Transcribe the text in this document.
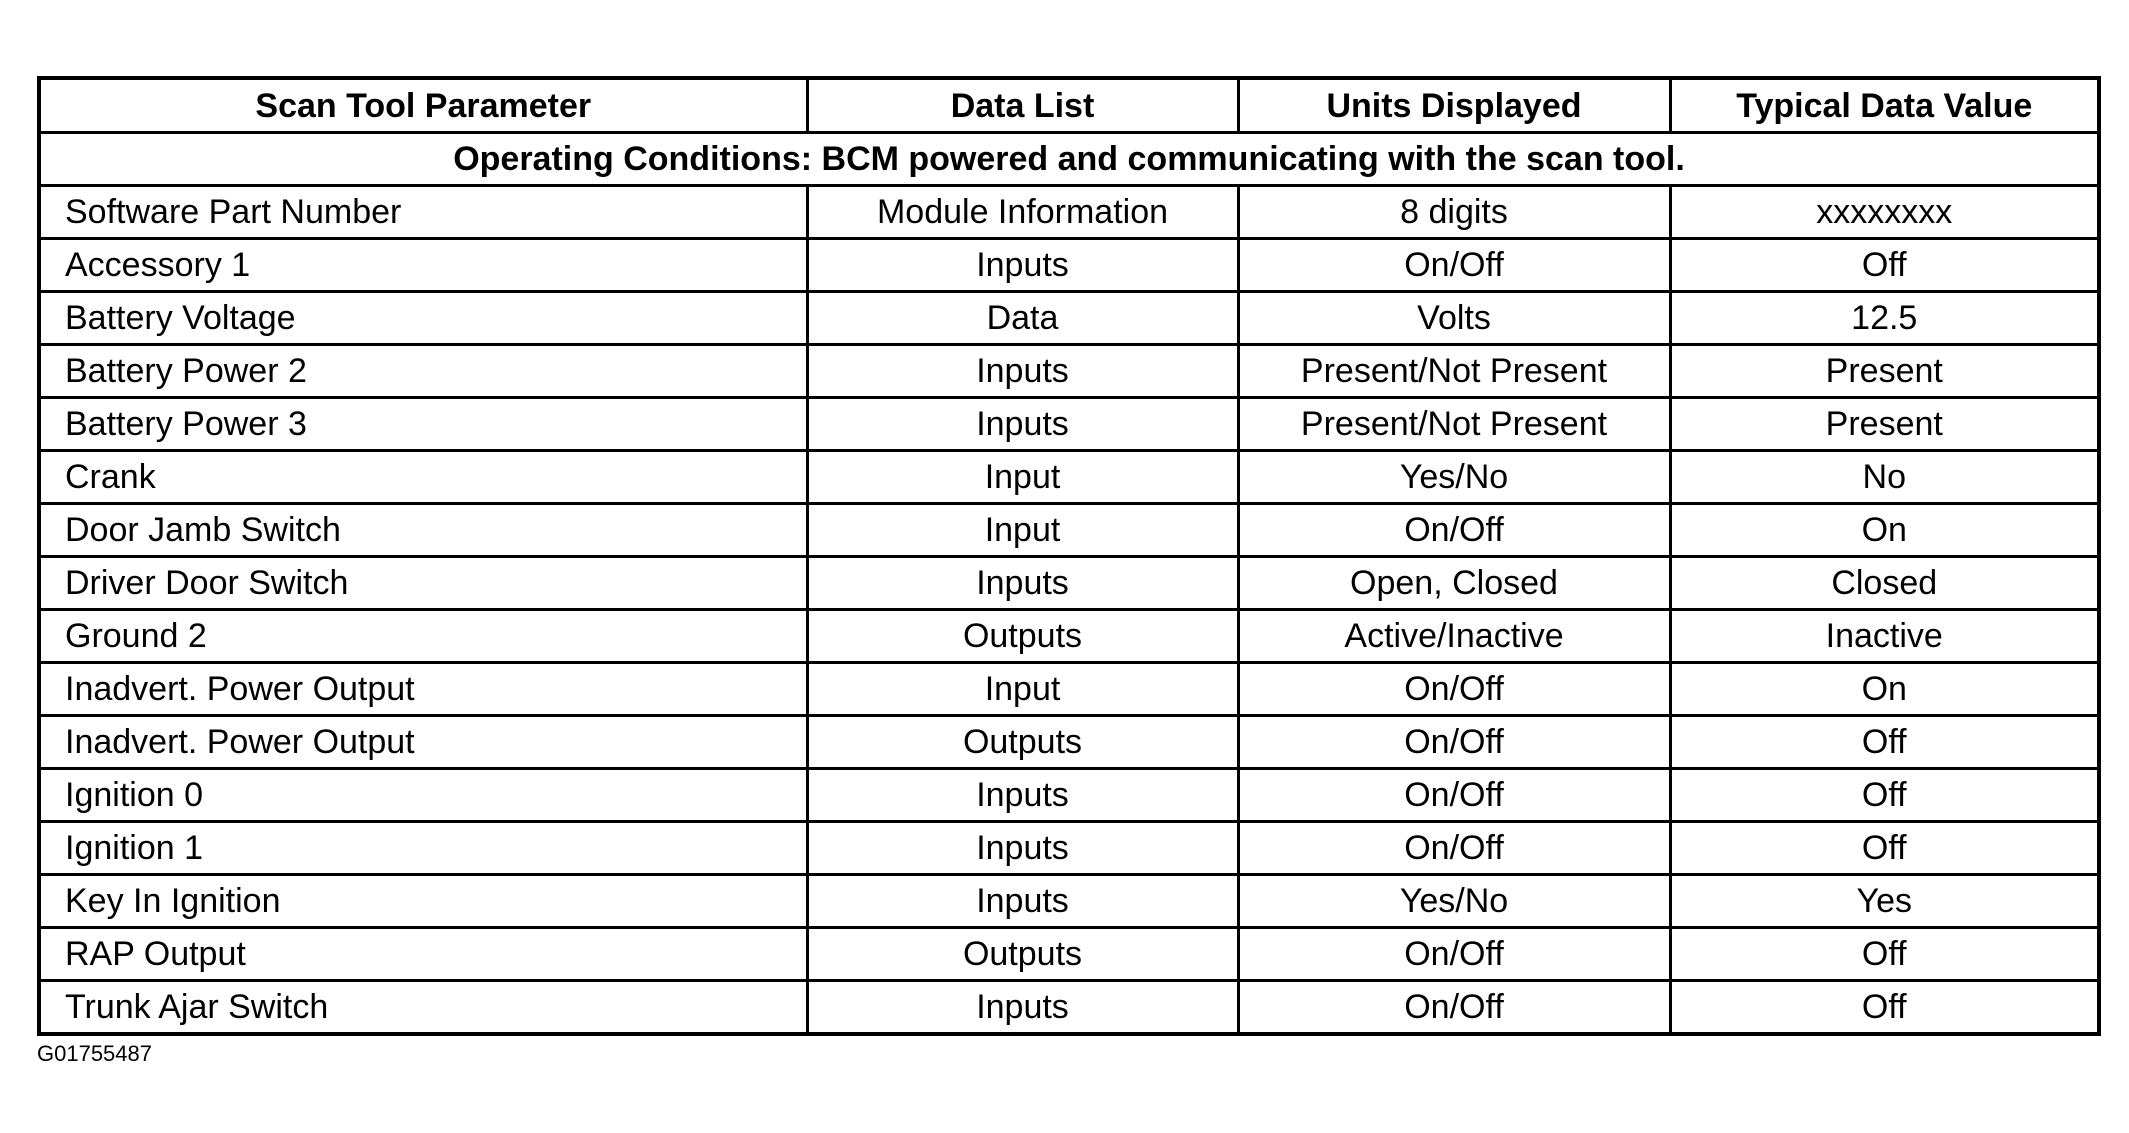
Scan Tool Parameter	Data List	Units Displayed	Typical Data Value
Operating Conditions: BCM powered and communicating with the scan tool.			
Software Part Number	Module Information	8 digits	xxxxxxxx
Accessory 1	Inputs	On/Off	Off
Battery Voltage	Data	Volts	12.5
Battery Power 2	Inputs	Present/Not Present	Present
Battery Power 3	Inputs	Present/Not Present	Present
Crank	Input	Yes/No	No
Door Jamb Switch	Input	On/Off	On
Driver Door Switch	Inputs	Open, Closed	Closed
Ground 2	Outputs	Active/Inactive	Inactive
Inadvert. Power Output	Input	On/Off	On
Inadvert. Power Output	Outputs	On/Off	Off
Ignition 0	Inputs	On/Off	Off
Ignition 1	Inputs	On/Off	Off
Key In Ignition	Inputs	Yes/No	Yes
RAP Output	Outputs	On/Off	Off
Trunk Ajar Switch	Inputs	On/Off	Off
G01755487
